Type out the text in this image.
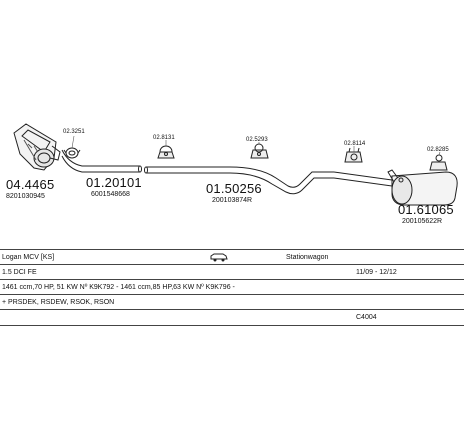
04.4465
8201030945
02.3251
01.20101
6001548668
02.8131	02.5293
01.50256
200103874R
02.8114
02.8285
01.61065
200105622R
Logan MCV [KS]	Stationwagon
1.5 DCI FE	11/09 - 12/12
1461 ccm,70 HP, 51 KW Nº K9K792 - 1461 ccm,85 HP,63 KW Nº K9K796 -
+ PRSDEK, RSDEW, RSOK, RSON
C4004
